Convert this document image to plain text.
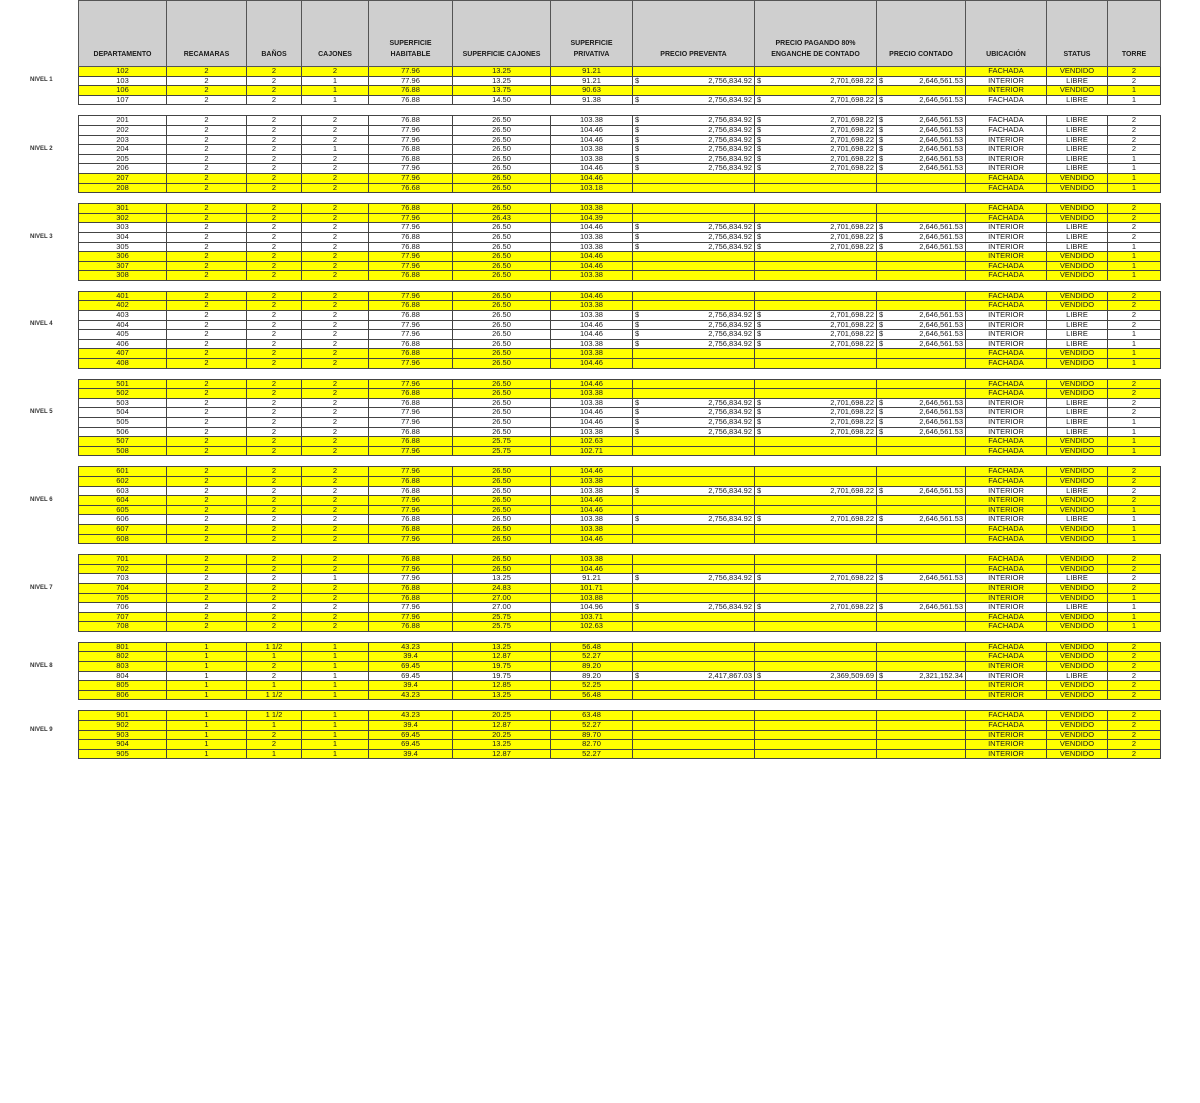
DEPARTAMENTO	RECAMARAS	BAÑOS	CAJONES	SUPERFICIE HABITABLE	SUPERFICIE CAJONES	SUPERFICIE PRIVATIVA	PRECIO PREVENTA	PRECIO PAGANDO 80% ENGANCHE DE CONTADO	PRECIO CONTADO	UBICACIÓN	STATUS	TORRE
102	2	2	2	77.96	13.25	91.21				FACHADA	VENDIDO	2
103	2	2	1	77.96	13.25	91.21	$ 2,756,834.92	$ 2,701,698.22	$ 2,646,561.53	INTERIOR	LIBRE	2
106	2	2	1	76.88	13.75	90.63				INTERIOR	VENDIDO	1
107	2	2	1	76.88	14.50	91.38	$ 2,756,834.92	$ 2,701,698.22	$ 2,646,561.53	FACHADA	LIBRE	1

201	2	2	2	76.88	26.50	103.38	$ 2,756,834.92	$ 2,701,698.22	$ 2,646,561.53	FACHADA	LIBRE	2
202	2	2	2	77.96	26.50	104.46	$ 2,756,834.92	$ 2,701,698.22	$ 2,646,561.53	FACHADA	LIBRE	2
203	2	2	2	77.96	26.50	104.46	$ 2,756,834.92	$ 2,701,698.22	$ 2,646,561.53	INTERIOR	LIBRE	2
204	2	2	1	76.88	26.50	103.38	$ 2,756,834.92	$ 2,701,698.22	$ 2,646,561.53	INTERIOR	LIBRE	2
205	2	2	2	76.88	26.50	103.38	$ 2,756,834.92	$ 2,701,698.22	$ 2,646,561.53	INTERIOR	LIBRE	1
206	2	2	2	77.96	26.50	104.46	$ 2,756,834.92	$ 2,701,698.22	$ 2,646,561.53	INTERIOR	LIBRE	1
207	2	2	2	77.96	26.50	104.46				FACHADA	VENDIDO	1
208	2	2	2	76.68	26.50	103.18				FACHADA	VENDIDO	1

301	2	2	2	76.88	26.50	103.38				FACHADA	VENDIDO	2
302	2	2	2	77.96	26.43	104.39				FACHADA	VENDIDO	2
303	2	2	2	77.96	26.50	104.46	$ 2,756,834.92	$ 2,701,698.22	$ 2,646,561.53	INTERIOR	LIBRE	2
304	2	2	2	76.88	26.50	103.38	$ 2,756,834.92	$ 2,701,698.22	$ 2,646,561.53	INTERIOR	LIBRE	2
305	2	2	2	76.88	26.50	103.38	$ 2,756,834.92	$ 2,701,698.22	$ 2,646,561.53	INTERIOR	LIBRE	1
306	2	2	2	77.96	26.50	104.46				INTERIOR	VENDIDO	1
307	2	2	2	77.96	26.50	104.46				FACHADA	VENDIDO	1
308	2	2	2	76.88	26.50	103.38				FACHADA	VENDIDO	1

401	2	2	2	77.96	26.50	104.46				FACHADA	VENDIDO	2
402	2	2	2	76.88	26.50	103.38				FACHADA	VENDIDO	2
403	2	2	2	76.88	26.50	103.38	$ 2,756,834.92	$ 2,701,698.22	$ 2,646,561.53	INTERIOR	LIBRE	2
404	2	2	2	77.96	26.50	104.46	$ 2,756,834.92	$ 2,701,698.22	$ 2,646,561.53	INTERIOR	LIBRE	2
405	2	2	2	77.96	26.50	104.46	$ 2,756,834.92	$ 2,701,698.22	$ 2,646,561.53	INTERIOR	LIBRE	1
406	2	2	2	76.88	26.50	103.38	$ 2,756,834.92	$ 2,701,698.22	$ 2,646,561.53	INTERIOR	LIBRE	1
407	2	2	2	76.88	26.50	103.38				FACHADA	VENDIDO	1
408	2	2	2	77.96	26.50	104.46				FACHADA	VENDIDO	1

501	2	2	2	77.96	26.50	104.46				FACHADA	VENDIDO	2
502	2	2	2	76.88	26.50	103.38				FACHADA	VENDIDO	2
503	2	2	2	76.88	26.50	103.38	$ 2,756,834.92	$ 2,701,698.22	$ 2,646,561.53	INTERIOR	LIBRE	2
504	2	2	2	77.96	26.50	104.46	$ 2,756,834.92	$ 2,701,698.22	$ 2,646,561.53	INTERIOR	LIBRE	2
505	2	2	2	77.96	26.50	104.46	$ 2,756,834.92	$ 2,701,698.22	$ 2,646,561.53	INTERIOR	LIBRE	1
506	2	2	2	76.88	26.50	103.38	$ 2,756,834.92	$ 2,701,698.22	$ 2,646,561.53	INTERIOR	LIBRE	1
507	2	2	2	76.88	25.75	102.63				FACHADA	VENDIDO	1
508	2	2	2	77.96	25.75	102.71				FACHADA	VENDIDO	1

601	2	2	2	77.96	26.50	104.46				FACHADA	VENDIDO	2
602	2	2	2	76.88	26.50	103.38				FACHADA	VENDIDO	2
603	2	2	2	76.88	26.50	103.38	$ 2,756,834.92	$ 2,701,698.22	$ 2,646,561.53	INTERIOR	LIBRE	2
604	2	2	2	77.96	26.50	104.46				INTERIOR	VENDIDO	2
605	2	2	2	77.96	26.50	104.46				INTERIOR	VENDIDO	1
606	2	2	2	76.88	26.50	103.38	$ 2,756,834.92	$ 2,701,698.22	$ 2,646,561.53	INTERIOR	LIBRE	1
607	2	2	2	76.88	26.50	103.38				FACHADA	VENDIDO	1
608	2	2	2	77.96	26.50	104.46				FACHADA	VENDIDO	1

701	2	2	2	76.88	26.50	103.38				FACHADA	VENDIDO	2
702	2	2	2	77.96	26.50	104.46				FACHADA	VENDIDO	2
703	2	2	1	77.96	13.25	91.21	$ 2,756,834.92	$ 2,701,698.22	$ 2,646,561.53	INTERIOR	LIBRE	2
704	2	2	2	76.88	24.83	101.71				INTERIOR	VENDIDO	2
705	2	2	2	76.88	27.00	103.88				INTERIOR	VENDIDO	1
706	2	2	2	77.96	27.00	104.96	$ 2,756,834.92	$ 2,701,698.22	$ 2,646,561.53	INTERIOR	LIBRE	1
707	2	2	2	77.96	25.75	103.71				FACHADA	VENDIDO	1
708	2	2	2	76.88	25.75	102.63				FACHADA	VENDIDO	1

801	1	1 1/2	1	43.23	13.25	56.48				FACHADA	VENDIDO	2
802	1	1	1	39.4	12.87	52.27				FACHADA	VENDIDO	2
803	1	2	1	69.45	19.75	89.20				INTERIOR	VENDIDO	2
804	1	2	1	69.45	19.75	89.20	$ 2,417,867.03	$ 2,369,509.69	$ 2,321,152.34	INTERIOR	LIBRE	2
805	1	1	1	39.4	12.85	52.25				INTERIOR	VENDIDO	2
806	1	1 1/2	1	43.23	13.25	56.48				INTERIOR	VENDIDO	2

901	1	1 1/2	1	43.23	20.25	63.48				FACHADA	VENDIDO	2
902	1	1	1	39.4	12.87	52.27				FACHADA	VENDIDO	2
903	1	2	1	69.45	20.25	89.70				INTERIOR	VENDIDO	2
904	1	2	1	69.45	13.25	82.70				INTERIOR	VENDIDO	2
905	1	1	1	39.4	12.87	52.27				INTERIOR	VENDIDO	2
NIVEL 1
NIVEL 2
NIVEL 3
NIVEL 4
NIVEL 5
NIVEL 6
NIVEL 7
NIVEL 8
NIVEL 9
